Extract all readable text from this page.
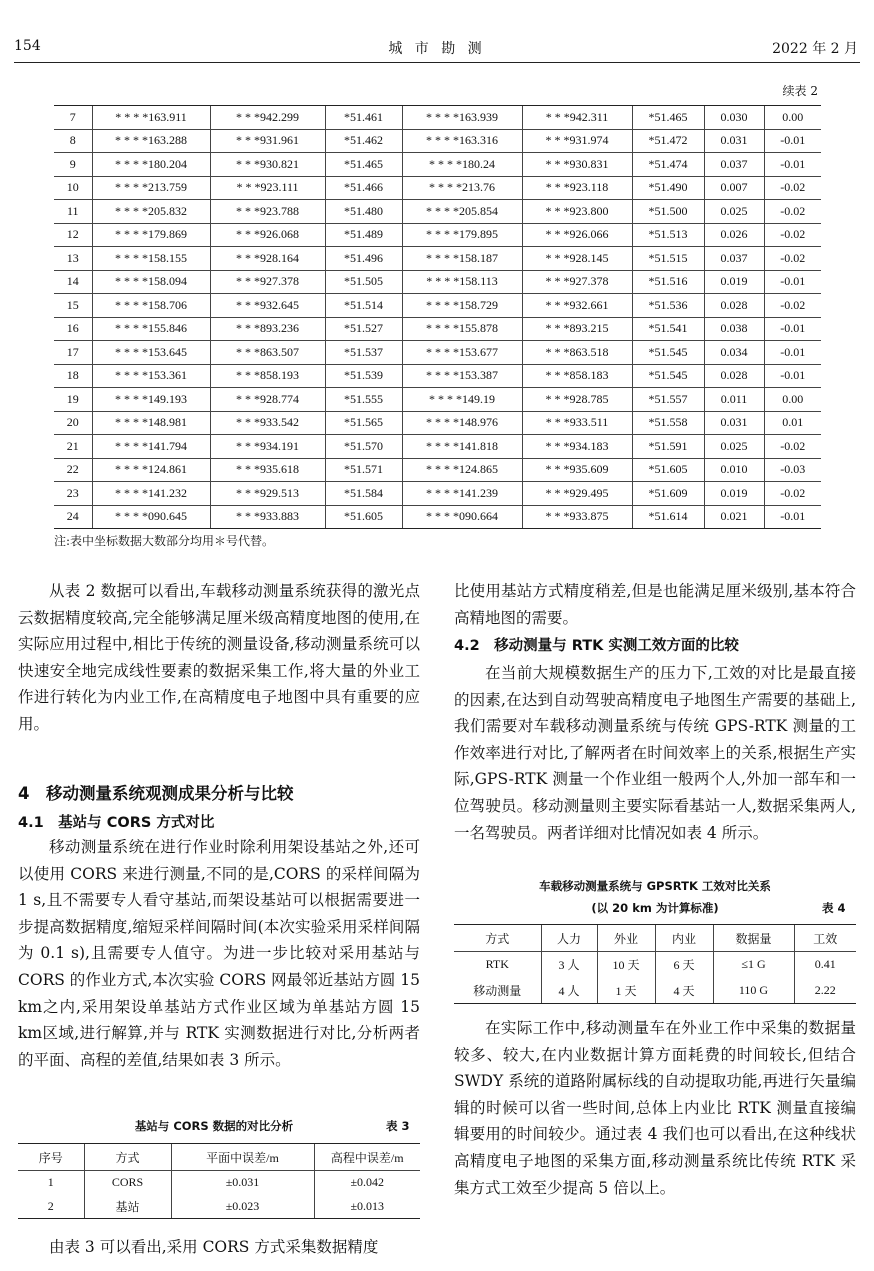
154	城 市 勘 测	2022 年 2 月
续表 2
7	* * * *163.911	* * *942.299	*51.461	* * * *163.939	* * *942.311	*51.465	0.030	0.00
8	* * * *163.288	* * *931.961	*51.462	* * * *163.316	* * *931.974	*51.472	0.031	-0.01
9	* * * *180.204	* * *930.821	*51.465	* * * *180.24	* * *930.831	*51.474	0.037	-0.01
10	* * * *213.759	* * *923.111	*51.466	* * * *213.76	* * *923.118	*51.490	0.007	-0.02
11	* * * *205.832	* * *923.788	*51.480	* * * *205.854	* * *923.800	*51.500	0.025	-0.02
12	* * * *179.869	* * *926.068	*51.489	* * * *179.895	* * *926.066	*51.513	0.026	-0.02
13	* * * *158.155	* * *928.164	*51.496	* * * *158.187	* * *928.145	*51.515	0.037	-0.02
14	* * * *158.094	* * *927.378	*51.505	* * * *158.113	* * *927.378	*51.516	0.019	-0.01
15	* * * *158.706	* * *932.645	*51.514	* * * *158.729	* * *932.661	*51.536	0.028	-0.02
16	* * * *155.846	* * *893.236	*51.527	* * * *155.878	* * *893.215	*51.541	0.038	-0.01
17	* * * *153.645	* * *863.507	*51.537	* * * *153.677	* * *863.518	*51.545	0.034	-0.01
18	* * * *153.361	* * *858.193	*51.539	* * * *153.387	* * *858.183	*51.545	0.028	-0.01
19	* * * *149.193	* * *928.774	*51.555	* * * *149.19	* * *928.785	*51.557	0.011	0.00
20	* * * *148.981	* * *933.542	*51.565	* * * *148.976	* * *933.511	*51.558	0.031	0.01
21	* * * *141.794	* * *934.191	*51.570	* * * *141.818	* * *934.183	*51.591	0.025	-0.02
22	* * * *124.861	* * *935.618	*51.571	* * * *124.865	* * *935.609	*51.605	0.010	-0.03
23	* * * *141.232	* * *929.513	*51.584	* * * *141.239	* * *929.495	*51.609	0.019	-0.02
24	* * * *090.645	* * *933.883	*51.605	* * * *090.664	* * *933.875	*51.614	0.021	-0.01
注:表中坐标数据大数部分均用＊号代替。

从表 2 数据可以看出,车载移动测量系统获得的激光点云数据精度较高,完全能够满足厘米级高精度地图的使用,在实际应用过程中,相比于传统的测量设备,移动测量系统可以快速安全地完成线性要素的数据采集工作,将大量的外业工作进行转化为内业工作,在高精度电子地图中具有重要的应用。

4　移动测量系统观测成果分析与比较
4.1　基站与 CORS 方式对比

移动测量系统在进行作业时除利用架设基站之外,还可以使用 CORS 来进行测量,不同的是,CORS 的采样间隔为 1 s,且不需要专人看守基站,而架设基站可以根据需要进一步提高数据精度,缩短采样间隔时间(本次实验采用采样间隔为 0.1 s),且需要专人值守。为进一步比较对采用基站与 CORS 的作业方式,本次实验 CORS 网最邻近基站方圆 15 km之内,采用架设单基站方式作业区域为单基站方圆 15 km区域,进行解算,并与 RTK 实测数据进行对比,分析两者的平面、高程的差值,结果如表 3 所示。

基站与 CORS 数据的对比分析	表 3
序号	方式	平面中误差/m	高程中误差/m
1	CORS	±0.031	±0.042
2	基站	±0.023	±0.013

由表 3 可以看出,采用 CORS 方式采集数据精度

比使用基站方式精度稍差,但是也能满足厘米级别,基本符合高精地图的需要。

4.2　移动测量与 RTK 实测工效方面的比较

在当前大规模数据生产的压力下,工效的对比是最直接的因素,在达到自动驾驶高精度电子地图生产需要的基础上,我们需要对车载移动测量系统与传统 GPS-RTK 测量的工作效率进行对比,了解两者在时间效率上的关系,根据生产实际,GPS-RTK 测量一个作业组一般两个人,外加一部车和一位驾驶员。移动测量则主要实际看基站一人,数据采集两人,一名驾驶员。两者详细对比情况如表 4 所示。

车载移动测量系统与 GPSRTK 工效对比关系
(以 20 km 为计算标准)	表 4
方式	人力	外业	内业	数据量	工效
RTK	3 人	10 天	6 天	≤1 G	0.41
移动测量	4 人	1 天	4 天	110 G	2.22

在实际工作中,移动测量车在外业工作中采集的数据量较多、较大,在内业数据计算方面耗费的时间较长,但结合 SWDY 系统的道路附属标线的自动提取功能,再进行矢量编辑的时候可以省一些时间,总体上内业比 RTK 测量直接编辑要用的时间较少。通过表 4 我们也可以看出,在这种线状高精度电子地图的采集方面,移动测量系统比传统 RTK 采集方式工效至少提高 5 倍以上。
